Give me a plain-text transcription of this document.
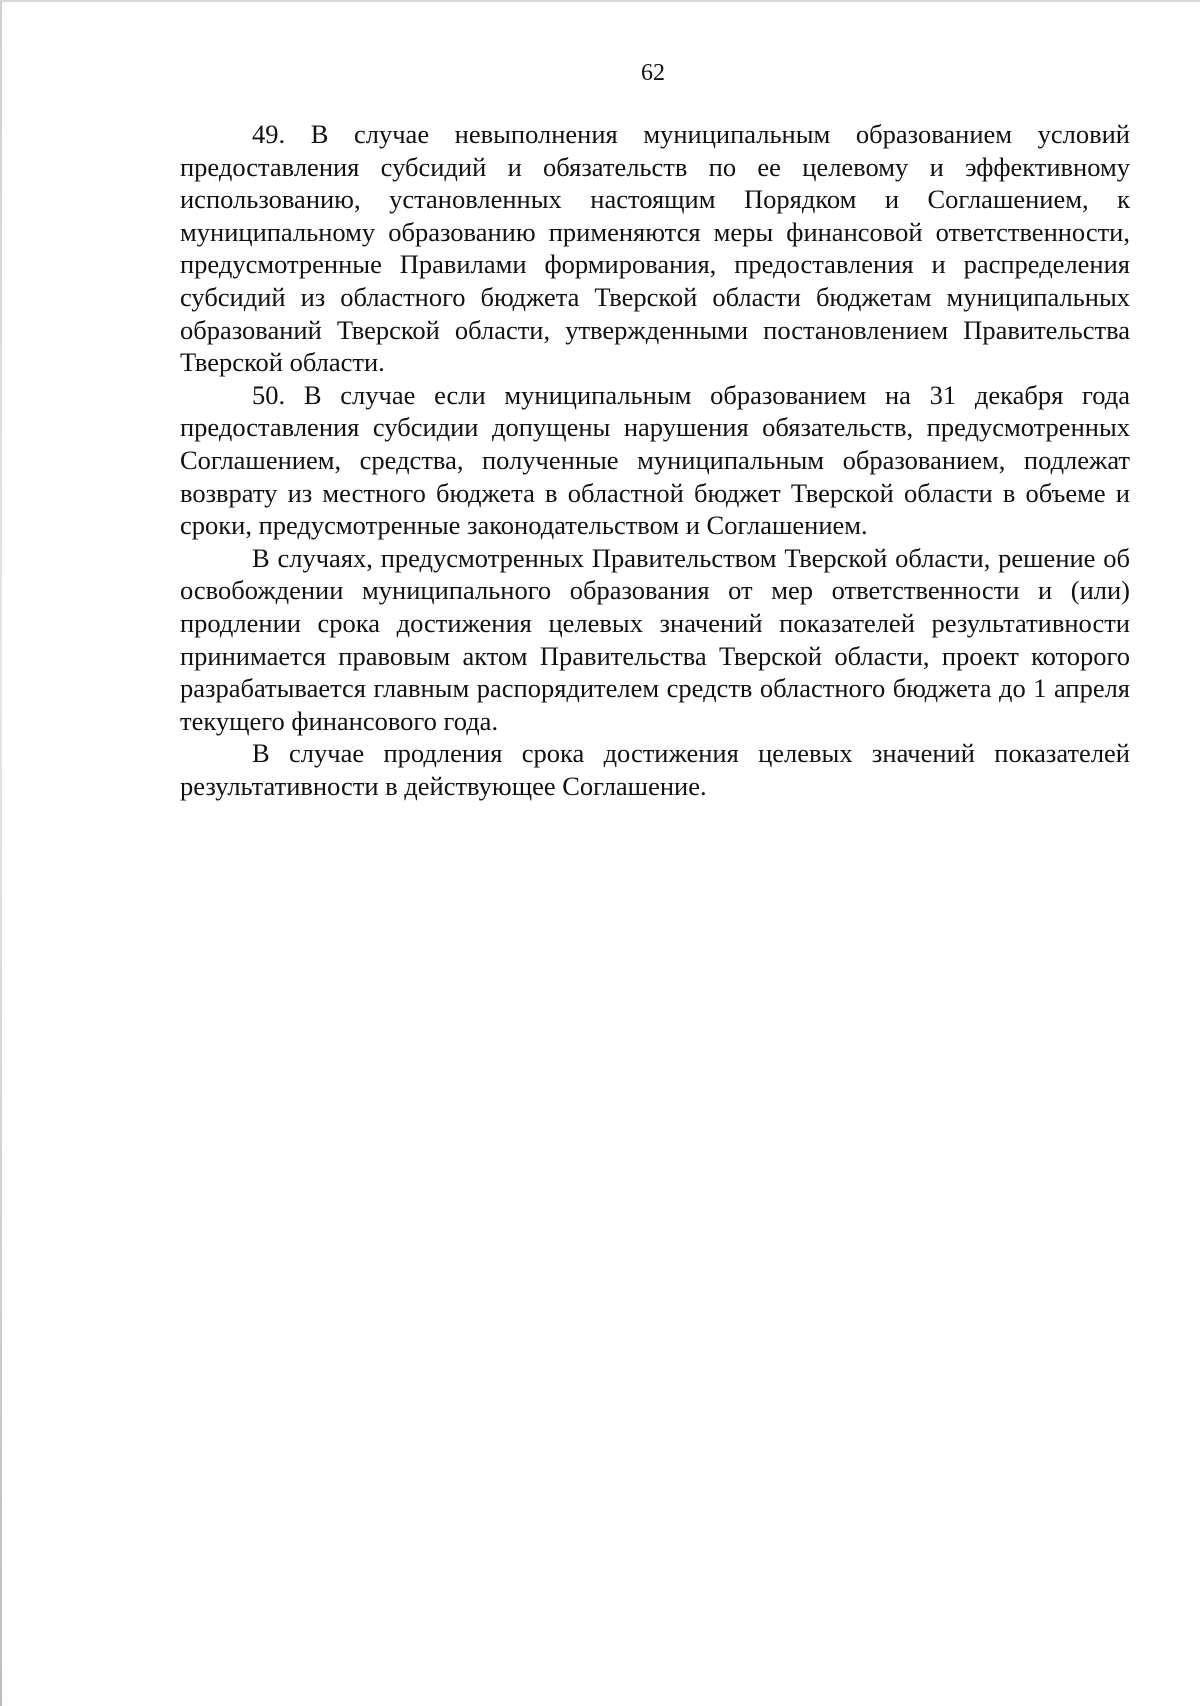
62

49. В случае невыполнения муниципальным образованием условий предоставления субсидий и обязательств по ее целевому и эффективному использованию, установленных настоящим Порядком и Соглашением, к муниципальному образованию применяются меры финансовой ответственности, предусмотренные Правилами формирования, предоставления и распределения субсидий из областного бюджета Тверской области бюджетам муниципальных образований Тверской области, утвержденными постановлением Правительства Тверской области.

50. В случае если муниципальным образованием на 31 декабря года предоставления субсидии допущены нарушения обязательств, предусмотренных Соглашением, средства, полученные муниципальным образованием, подлежат возврату из местного бюджета в областной бюджет Тверской области в объеме и сроки, предусмотренные законодательством и Соглашением.

В случаях, предусмотренных Правительством Тверской области, решение об освобождении муниципального образования от мер ответственности и (или) продлении срока достижения целевых значений показателей результативности принимается правовым актом Правительства Тверской области, проект которого разрабатывается главным распорядителем средств областного бюджета до 1 апреля текущего финансового года.

В случае продления срока достижения целевых значений показателей результативности в действующее Соглашение.
